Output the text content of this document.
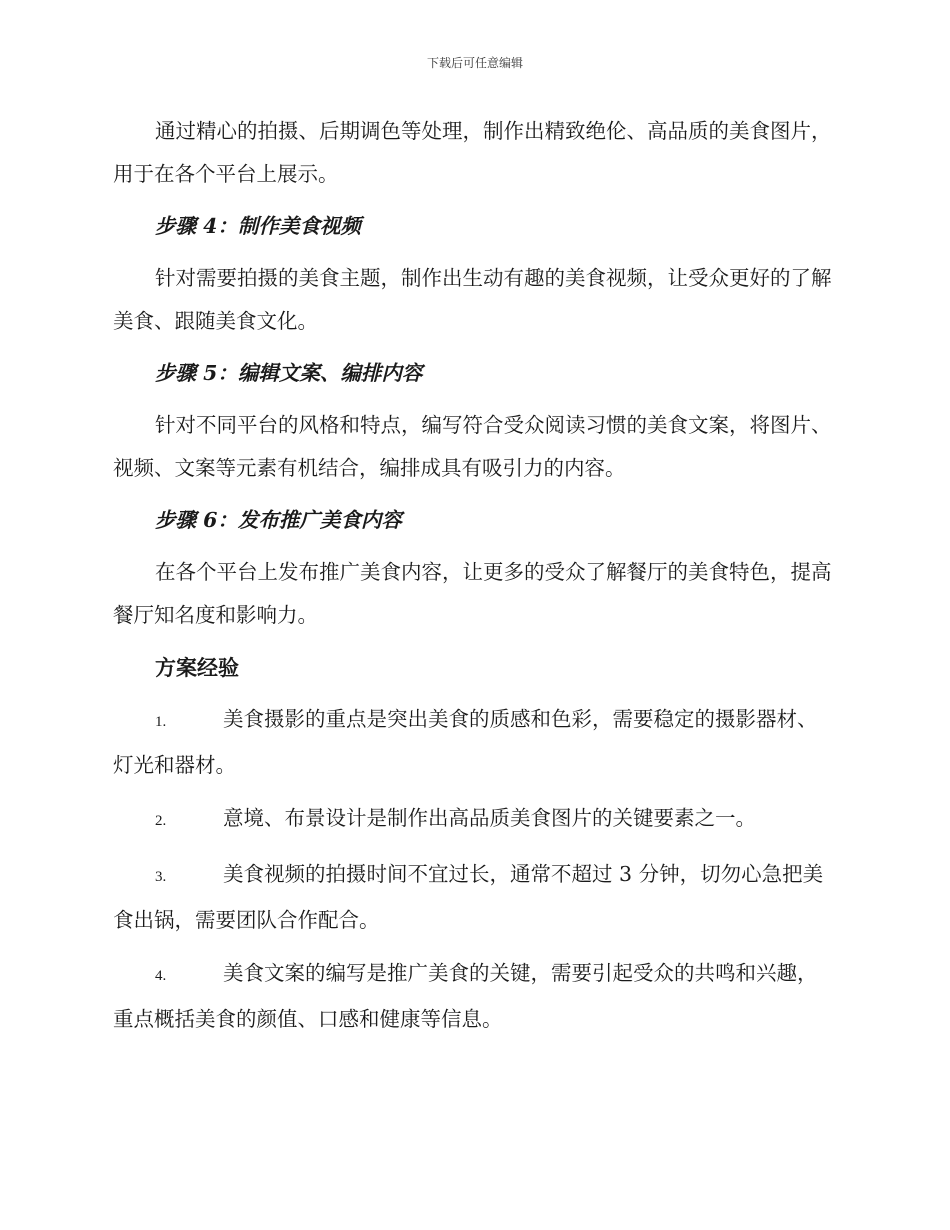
下载后可任意编辑

通过精心的拍摄、后期调色等处理，制作出精致绝伦、高品质的美食图片，用于在各个平台上展示。

步骤 4：制作美食视频

针对需要拍摄的美食主题，制作出生动有趣的美食视频，让受众更好的了解美食、跟随美食文化。

步骤 5：编辑文案、编排内容

针对不同平台的风格和特点，编写符合受众阅读习惯的美食文案，将图片、视频、文案等元素有机结合，编排成具有吸引力的内容。

步骤 6：发布推广美食内容

在各个平台上发布推广美食内容，让更多的受众了解餐厅的美食特色，提高餐厅知名度和影响力。

方案经验

1.	美食摄影的重点是突出美食的质感和色彩，需要稳定的摄影器材、灯光和器材。

2.	意境、布景设计是制作出高品质美食图片的关键要素之一。

3.	美食视频的拍摄时间不宜过长，通常不超过 3 分钟，切勿心急把美食出锅，需要团队合作配合。

4.	美食文案的编写是推广美食的关键，需要引起受众的共鸣和兴趣，重点概括美食的颜值、口感和健康等信息。
